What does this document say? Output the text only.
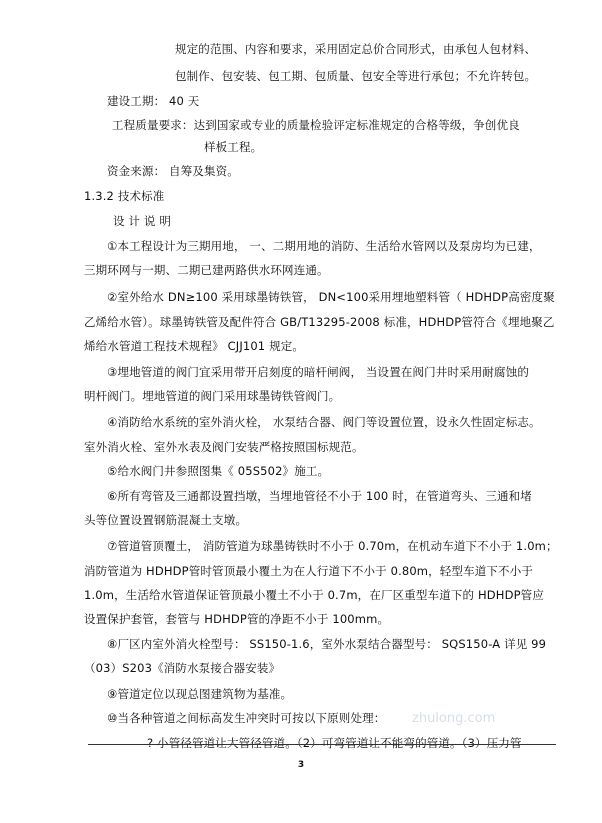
规定的范围、内容和要求，采用固定总价合同形式，由承包人包材料、
包制作、包安装、包工期、包质量、包安全等进行承包；不允许转包。
建设工期： 40 天
工程质量要求：达到国家或专业的质量检验评定标准规定的合格等级，争创优良
样板工程。
资金来源： 自筹及集资。
1.3.2 技术标准
设 计 说 明
①本工程设计为三期用地， 一、二期用地的消防、生活给水管网以及泵房均为已建，
三期环网与一期、二期已建两路供水环网连通。
②室外给水 DN≥100 采用球墨铸铁管， DN<100采用埋地塑料管（ HDHDP高密度聚
乙烯给水管）。球墨铸铁管及配件符合 GB/T13295-2008 标准，HDHDP管符合《埋地聚乙
烯给水管道工程技术规程》 CJJ101 规定。
③埋地管道的阀门宜采用带开启刻度的暗杆闸阀， 当设置在阀门井时采用耐腐蚀的
明杆阀门。埋地管道的阀门采用球墨铸铁管阀门。
④消防给水系统的室外消火栓， 水泵结合器、阀门等设置位置，设永久性固定标志。
室外消火栓、室外水表及阀门安装严格按照国标规范。
⑤给水阀门井参照图集《 05S502》施工。
⑥所有弯管及三通都设置挡墩，当埋地管径不小于 100 时，在管道弯头、三通和堵
头等位置设置钢筋混凝土支墩。
⑦管道管顶覆土， 消防管道为球墨铸铁时不小于 0.70m，在机动车道下不小于 1.0m；
消防管道为 HDHDP管时管顶最小覆土为在人行道下不小于 0.80m，轻型车道下不小于
1.0m，生活给水管道保证管顶最小覆土不小于 0.7m，在厂区重型车道下的 HDHDP管应
设置保护套管，套管与 HDHDP管的净距不小于 100mm。
⑧厂区内室外消火栓型号： SS150-1.6，室外水泵结合器型号： SQS150-A 详见 99
（03）S203《消防水泵接合器安装》
⑨管道定位以现总图建筑物为基准。
⑩当各种管道之间标高发生冲突时可按以下原则处理：
? 小管径管道让大管径管道。（2）可弯管道让不能弯的管道。（3）压力管
zhulong.com
3
